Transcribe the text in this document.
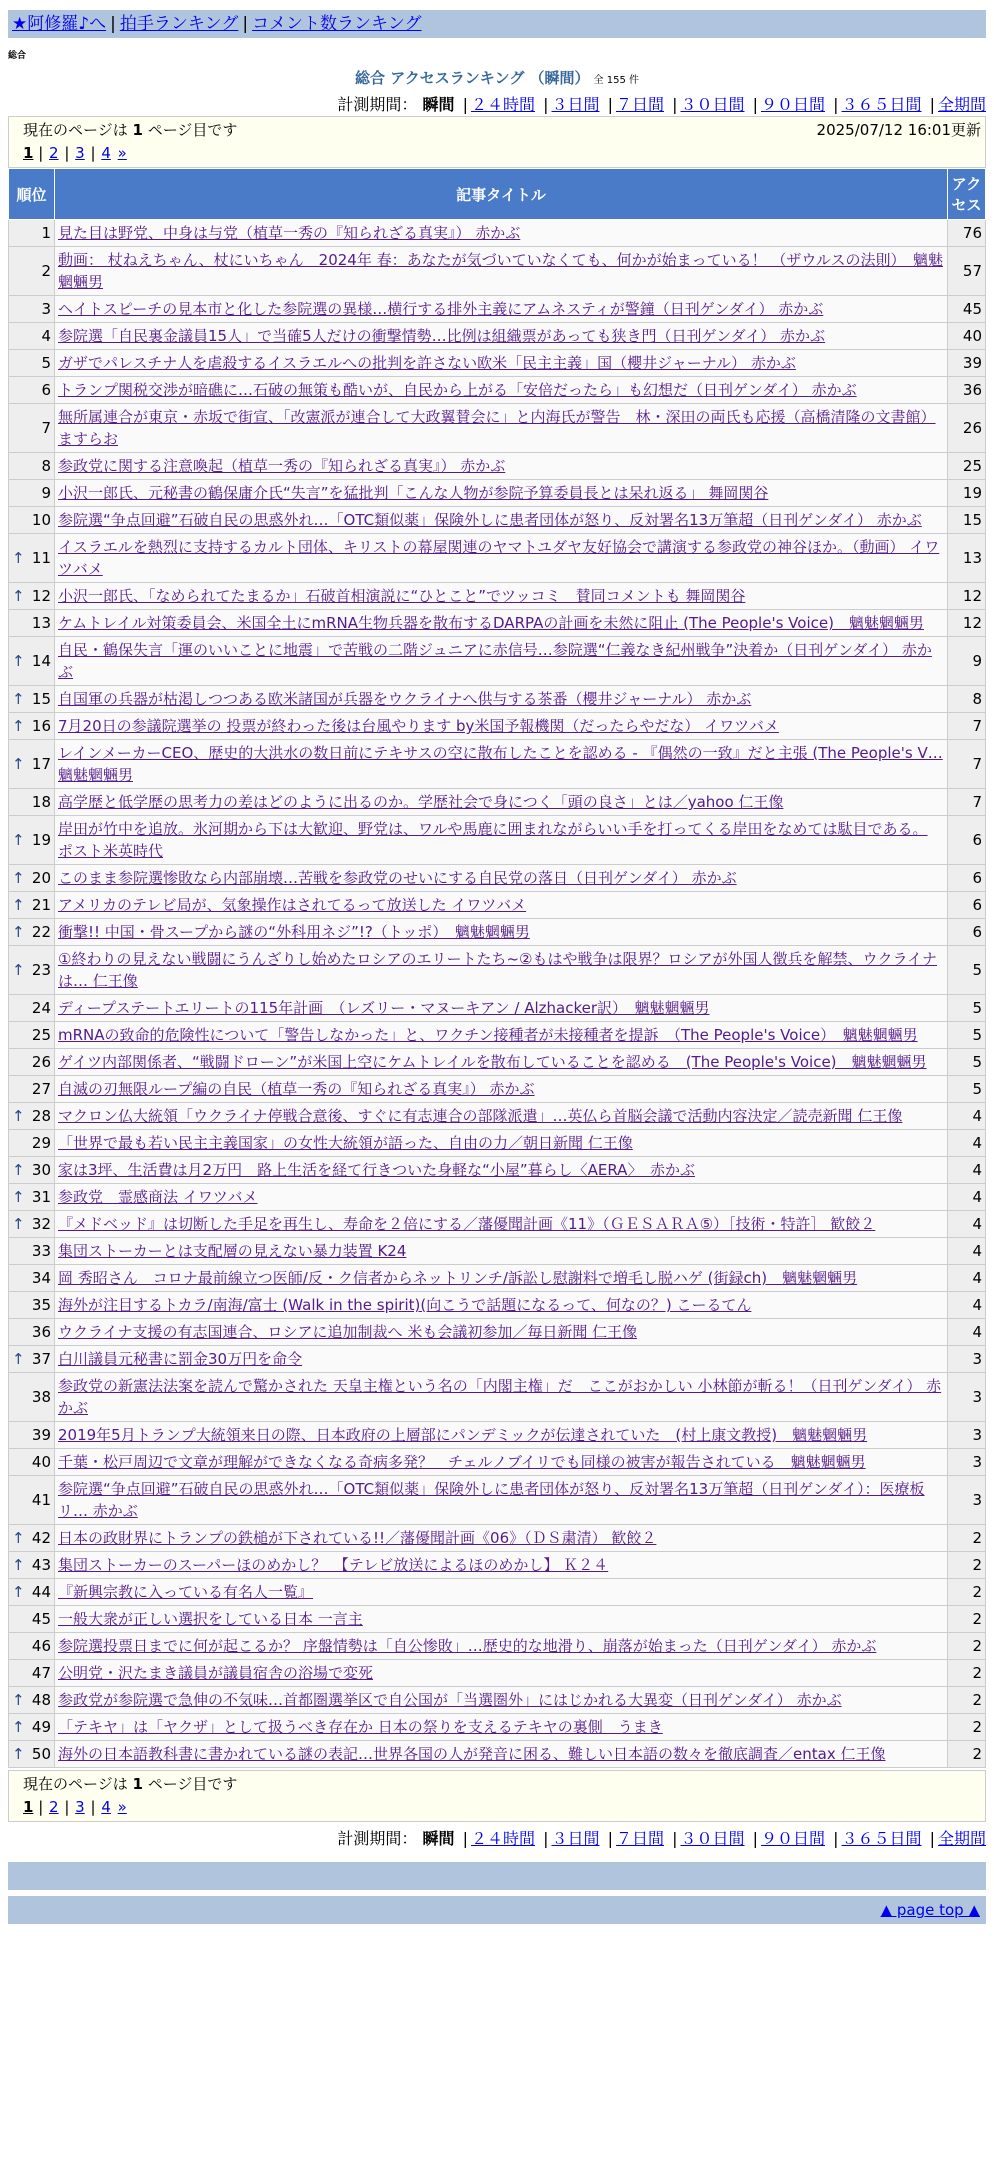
★阿修羅♪へ | 拍手ランキング | コメント数ランキング
総合
総合 アクセスランキング （瞬間） 全 155 件
計測期間： 瞬間 | ２４時間 | ３日間 | ７日間 | ３０日間 | ９０日間 | ３６５日間 | 全期間
現在のページは 1 ページ目です	2025/07/12 16:01更新
1 | 2 | 3 | 4 »
順位	記事タイトル	アクセス
1	見た目は野党、中身は与党（植草一秀の『知られざる真実』） 赤かぶ	76
2	動画： 杖ねえちゃん、杖にいちゃん　2024年 春：あなたが気づいていなくても、何かが始まっている！ （ザウルスの法則）　魑魅魍魎男	57
3	ヘイトスピーチの見本市と化した参院選の異様…横行する排外主義にアムネスティが警鐘（日刊ゲンダイ） 赤かぶ	45
4	参院選「自民裏金議員15人」で当確5人だけの衝撃情勢…比例は組織票があっても狭き門（日刊ゲンダイ） 赤かぶ	40
5	ガザでパレスチナ人を虐殺するイスラエルへの批判を許さない欧米「民主主義」国（櫻井ジャーナル） 赤かぶ	39
6	トランプ関税交渉が暗礁に…石破の無策も酷いが、自民から上がる「安倍だったら」も幻想だ（日刊ゲンダイ） 赤かぶ	36
7	無所属連合が東京・赤坂で街宣、「改憲派が連合して大政翼賛会に」と内海氏が警告　林・深田の両氏も応援（高橋清隆の文書館） ますらお	26
8	参政党に関する注意喚起（植草一秀の『知られざる真実』） 赤かぶ	25
9	小沢一郎氏、元秘書の鶴保庸介氏“失言”を猛批判「こんな人物が参院予算委員長とは呆れ返る」 舞岡関谷	19
10	参院選“争点回避”石破自民の思惑外れ…「OTC類似薬」保険外しに患者団体が怒り、反対署名13万筆超（日刊ゲンダイ） 赤かぶ	15

↑ 11	イスラエルを熱烈に支持するカルト団体、キリストの幕屋関連のヤマトユダヤ友好協会で講演する参政党の神谷ほか。（動画） イワツバメ	13

↑ 12	小沢一郎氏、「なめられてたまるか」石破首相演説に“ひとこと”でツッコミ　賛同コメントも 舞岡関谷	12
13	ケムトレイル対策委員会、米国全土にmRNA生物兵器を散布するDARPAの計画を未然に阻止 (The People's Voice)　魑魅魍魎男	12

↑ 14	自民・鶴保失言「運のいいことに地震」で苦戦の二階ジュニアに赤信号…参院選“仁義なき紀州戦争”決着か（日刊ゲンダイ） 赤かぶ	9

↑ 15	自国軍の兵器が枯渇しつつある欧米諸国が兵器をウクライナへ供与する茶番（櫻井ジャーナル） 赤かぶ	8

↑ 16	7月20日の参議院選挙の 投票が終わった後は台風やります by米国予報機関（だったらやだな） イワツバメ	7

↑ 17	レインメーカーCEO、歴史的大洪水の数日前にテキサスの空に散布したことを認める - 『偶然の一致』だと主張 (The People's V… 魑魅魍魎男	7
18	高学歴と低学歴の思考力の差はどのように出るのか。学歴社会で身につく「頭の良さ」とは／yahoo 仁王像	7

↑ 19	岸田が竹中を追放。氷河期から下は大歓迎、野党は、ワルや馬鹿に囲まれながらいい手を打ってくる岸田をなめては駄目である。 ポスト米英時代	6

↑ 20	このまま参院選惨敗なら内部崩壊…苦戦を参政党のせいにする自民党の落日（日刊ゲンダイ） 赤かぶ	6

↑ 21	アメリカのテレビ局が、気象操作はされてるって放送した イワツバメ	6

↑ 22	衝撃!! 中国・骨スープから謎の“外科用ネジ”!?（トッポ）　魑魅魍魎男	6

↑ 23	①終わりの見えない戦闘にうんざりし始めたロシアのエリートたち~②もはや戦争は限界？ロシアが外国人徴兵を解禁、ウクライナは… 仁王像	5
24	ディープステートエリートの115年計画　（レズリー・マヌーキアン / Alzhacker訳）　魑魅魍魎男	5
25	mRNAの致命的危険性について「警告しなかった」と、ワクチン接種者が未接種者を提訴　（The People's Voice）　魑魅魍魎男	5
26	ゲイツ内部関係者、“戦闘ドローン”が米国上空にケムトレイルを散布していることを認める　(The People's Voice)　魑魅魍魎男	5
27	自滅の刃無限ループ編の自民（植草一秀の『知られざる真実』） 赤かぶ	5

↑ 28	マクロン仏大統領「ウクライナ停戦合意後、すぐに有志連合の部隊派遣」…英仏ら首脳会議で活動内容決定／読売新聞 仁王像	4
29	「世界で最も若い民主主義国家」の女性大統領が語った、自由の力／朝日新聞 仁王像	4

↑ 30	家は3坪、生活費は月2万円　路上生活を経て行きついた身軽な“小屋”暮らし〈AERA〉　赤かぶ	4

↑ 31	参政党　霊感商法 イワツバメ	4

↑ 32	『メドベッド』は切断した手足を再生し、寿命を２倍にする／藩優聞計画《11》（ＧＥＳＡＲＡ⑤）［技術・特許］ 歓餃２	4
33	集団ストーカーとは支配層の見えない暴力装置 K24	4
34	岡 秀昭さん　コロナ最前線立つ医師/反・ク信者からネットリンチ/訴訟し慰謝料で増毛し脱ハゲ (街録ch)　魑魅魍魎男	4
35	海外が注目するトカラ/南海/富士 (Walk in the spirit)(向こうで話題になるって、何なの？) こーるてん	4
36	ウクライナ支援の有志国連合、ロシアに追加制裁へ 米も会議初参加／毎日新聞 仁王像	4

↑ 37	白川議員元秘書に罰金30万円を命令	3
38	参政党の新憲法法案を読んで驚かされた 天皇主権という名の「内閣主権」だ　ここがおかしい 小林節が斬る！（日刊ゲンダイ） 赤かぶ	3
39	2019年5月トランプ大統領来日の際、日本政府の上層部にパンデミックが伝達されていた　(村上康文教授)　魑魅魍魎男	3
40	千葉・松戸周辺で文章が理解ができなくなる奇病多発？　チェルノブイリでも同様の被害が報告されている　魑魅魍魎男	3
41	参院選“争点回避”石破自民の思惑外れ…「OTC類似薬」保険外しに患者団体が怒り、反対署名13万筆超（日刊ゲンダイ）：医療板リ… 赤かぶ	3

↑ 42	日本の政財界にトランプの鉄槌が下されている!!／藩優聞計画《06》（ＤＳ粛清） 歓餃２	2

↑ 43	集団ストーカーのスーパーほのめかし？　【テレビ放送によるほのめかし】 Ｋ２４	2

↑ 44	『新興宗教に入っている有名人一覧』	2
45	一般大衆が正しい選択をしている日本 一言主	2
46	参院選投票日までに何が起こるか？ 序盤情勢は「自公惨敗」…歴史的な地滑り、崩落が始まった（日刊ゲンダイ） 赤かぶ	2
47	公明党・沢たまき議員が議員宿舎の浴場で変死	2

↑ 48	参政党が参院選で急伸の不気味…首都圏選挙区で自公国が「当選圏外」にはじかれる大異変（日刊ゲンダイ） 赤かぶ	2

↑ 49	「テキヤ」は「ヤクザ」として扱うべき存在か 日本の祭りを支えるテキヤの裏側　うまき	2

↑ 50	海外の日本語教科書に書かれている謎の表記…世界各国の人が発音に困る、難しい日本語の数々を徹底調査／entax 仁王像	2
現在のページは 1 ページ目です
1 | 2 | 3 | 4 »
計測期間： 瞬間 | ２４時間 | ３日間 | ７日間 | ３０日間 | ９０日間 | ３６５日間 | 全期間
▲ page top ▲
